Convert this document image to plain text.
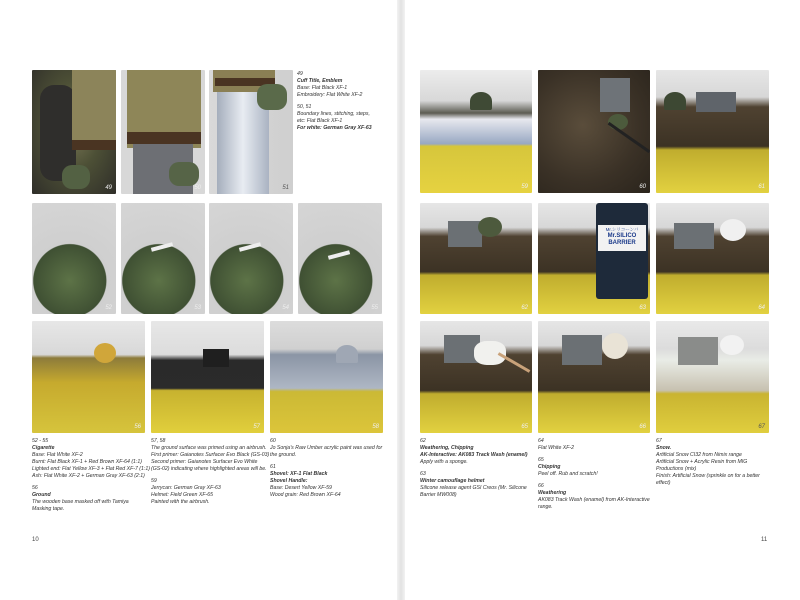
49	50	51
52	53	54	55
56	57	58
49
Cuff Title, Emblem
Base: Flat Black XF-1
Embroidery: Flat White XF-2
50, 51
Boundary lines, stitching, steps,
etc: Flat Black XF-1
For white: German Gray XF-63
52 - 55
Cigarette
Base: Flat White XF-2
Burnt: Flat Black XF-1 + Red Brown XF-64 (1:1)
Lighted end: Flat Yellow XF-3 + Flat Red XF-7 (1:1)
Ash: Flat White XF-2 + German Gray XF-63 (2:1)
56
Ground
The wooden base masked off with Tamiya
Masking tape.
57, 58
The ground surface was primed using an airbrush.
First primer: Gaianotes Surfacer Evo Black (GS-03)
Second primer: Gaianotes Surfacer Evo White
(GS-02) indicating where highlighted areas will be.
59
Jerrycan: German Gray XF-63
Helmet: Field Green XF-65
Painted with the airbrush.
60
Jo Sonja's Raw Umber acrylic paint was used for
the ground.
61
Shovel: XF-1 Flat Black
Shovel Handle:
Base: Desert Yellow XF-59
Wood grain: Red Brown XF-64
10
59	60	61
62
Mr.シリコーンバ
Mr.SILICO BARRIER
63	64
65	66	67
62
Weathering, Chipping
AK-Interactive: AK083 Track Wash (enamel)
Apply with a sponge.
63
Winter camouflage helmet
Silicone release agent GSI Creos (Mr. Silicone
Barrier MW008)
64
Flat White XF-2
65
Chipping
Peel off. Rub and scratch!
66
Weathering
AK083 Track Wash (enamel) from AK-Interactive
range.
67
Snow.
Artificial Snow CI32 from Nimix range
Artificial Snow + Acrylic Resin from MIG
Productions (mix)
Finish: Artificial Snow (sprinkle on for a better
effect)
11
